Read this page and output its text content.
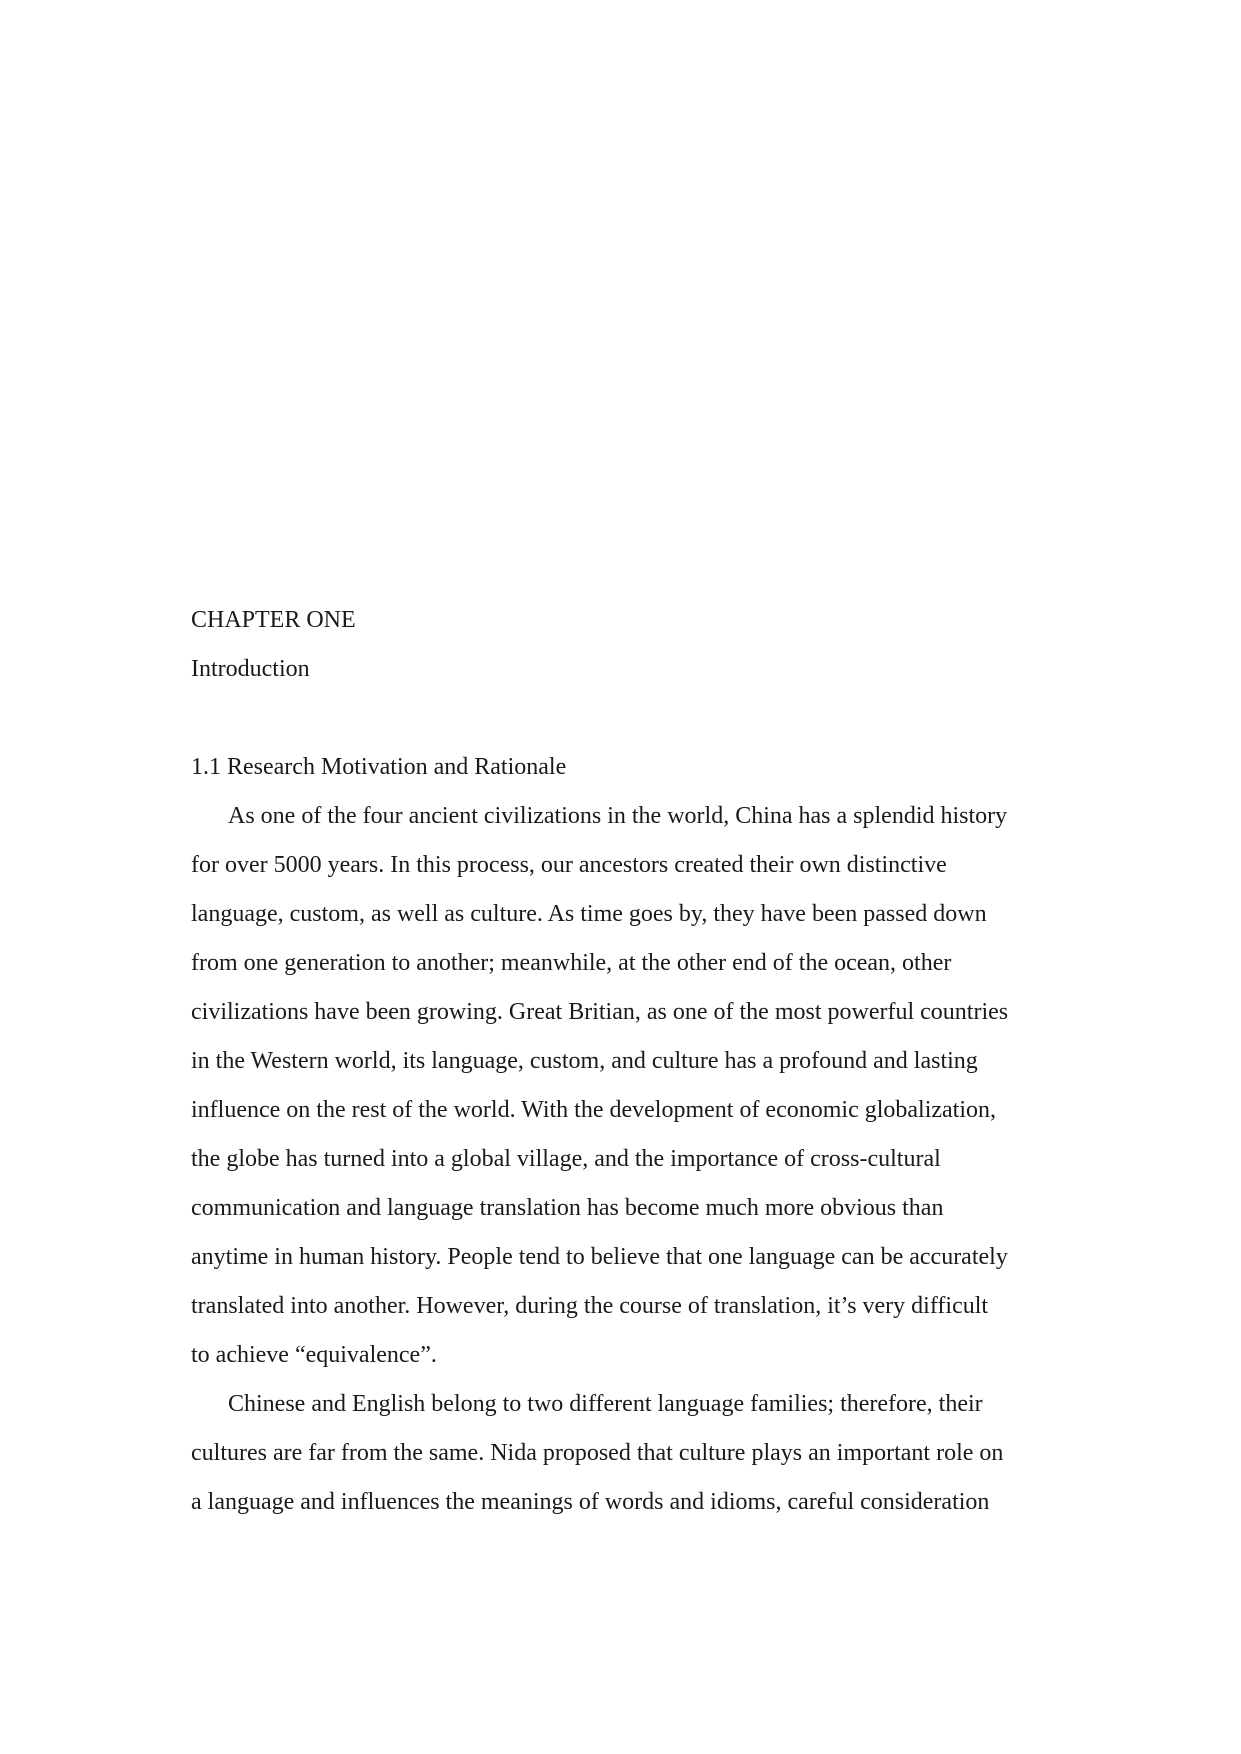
CHAPTER ONE

Introduction

1.1 Research Motivation and Rationale

As one of the four ancient civilizations in the world, China has a splendid history

for over 5000 years. In this process, our ancestors created their own distinctive

language, custom, as well as culture. As time goes by, they have been passed down

from one generation to another; meanwhile, at the other end of the ocean, other

civilizations have been growing. Great Britian, as one of the most powerful countries

in the Western world, its language, custom, and culture has a profound and lasting

influence on the rest of the world. With the development of economic globalization,

the globe has turned into a global village, and the importance of cross-cultural

communication and language translation has become much more obvious than

anytime in human history. People tend to believe that one language can be accurately

translated into another. However, during the course of translation, it’s very difficult

to achieve “equivalence”.

Chinese and English belong to two different language families; therefore, their

cultures are far from the same. Nida proposed that culture plays an important role on

a language and influences the meanings of words and idioms, careful consideration
